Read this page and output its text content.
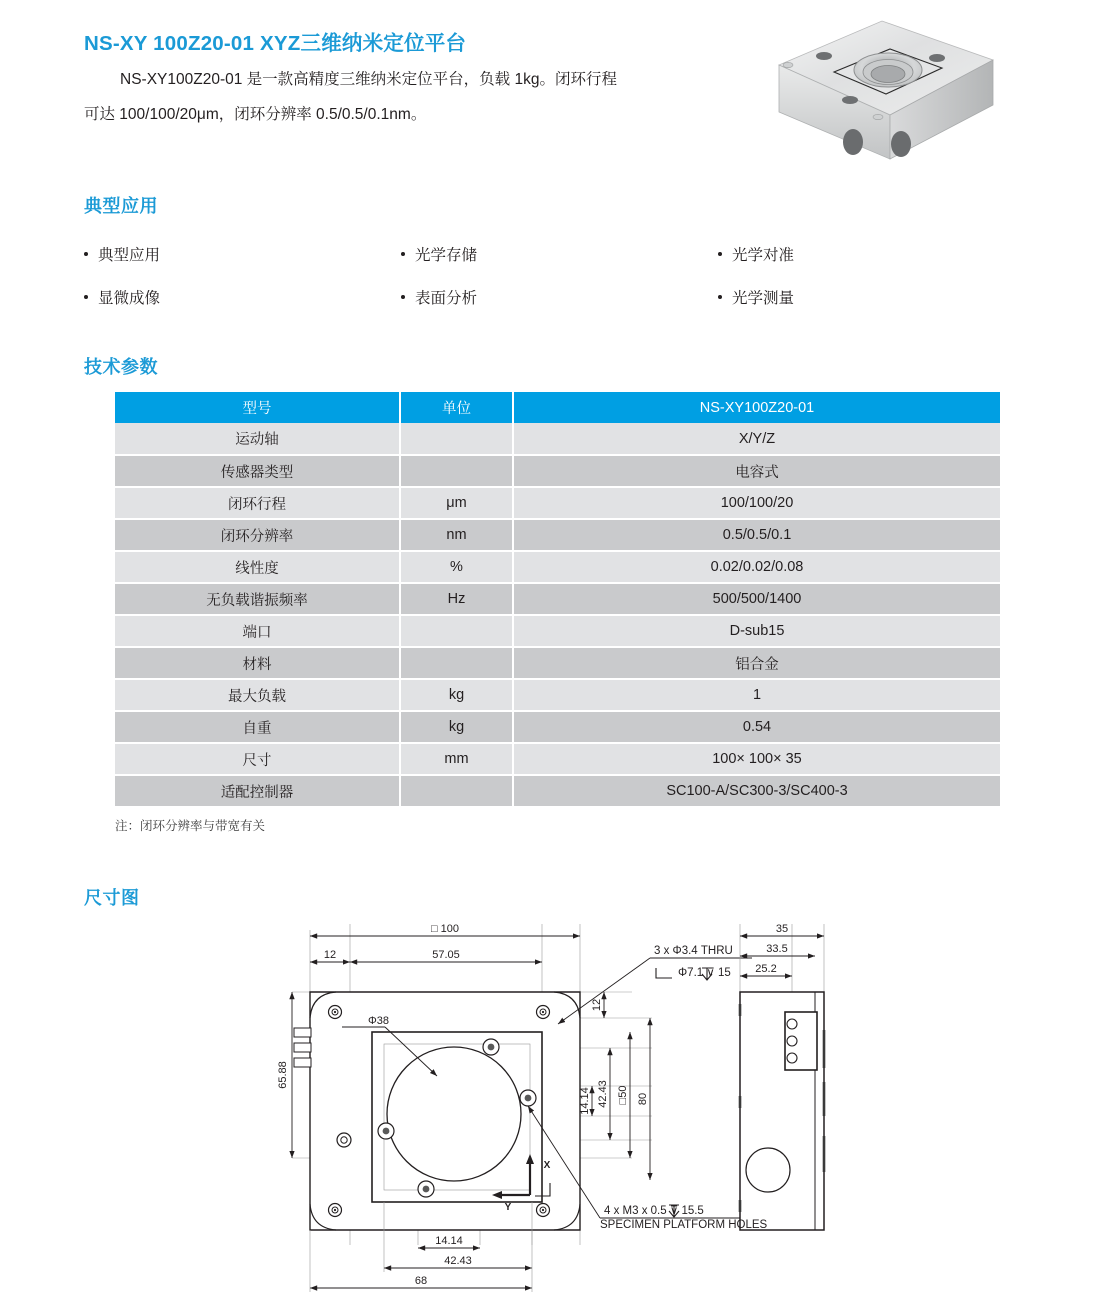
NS-XY 100Z20-01 XYZ三维纳米定位平台
NS-XY100Z20-01 是一款高精度三维纳米定位平台，负载 1kg。闭环行程
可达 100/100/20μm，闭环分辨率 0.5/0.5/0.1nm。
典型应用
典型应用	光学存储	光学对准
显微成像	表面分析	光学测量
技术参数
型号	单位	NS-XY100Z20-01
运动轴		X/Y/Z
传感器类型		电容式
闭环行程	μm	100/100/20
闭环分辨率	nm	0.5/0.5/0.1
线性度	%	0.02/0.02/0.08
无负载谐振频率	Hz	500/500/1400
端口		D-sub15
材料		铝合金
最大负载	kg	1
自重	kg	0.54
尺寸	mm	100× 100× 35
适配控制器		SC100-A/SC300-3/SC400-3
注：闭环分辨率与带宽有关
尺寸图
□ 100
12	57.05
14.14
42.43
68
Φ38
35
33.5
25.2
65.88
12
14.14 42.43 □50 80
3 x Φ3.4 THRU
Φ7.1 ⊽ 15
4 x M3 x 0.5 ⊽ 15.5
SPECIMEN PLATFORM HOLES
X
Y
